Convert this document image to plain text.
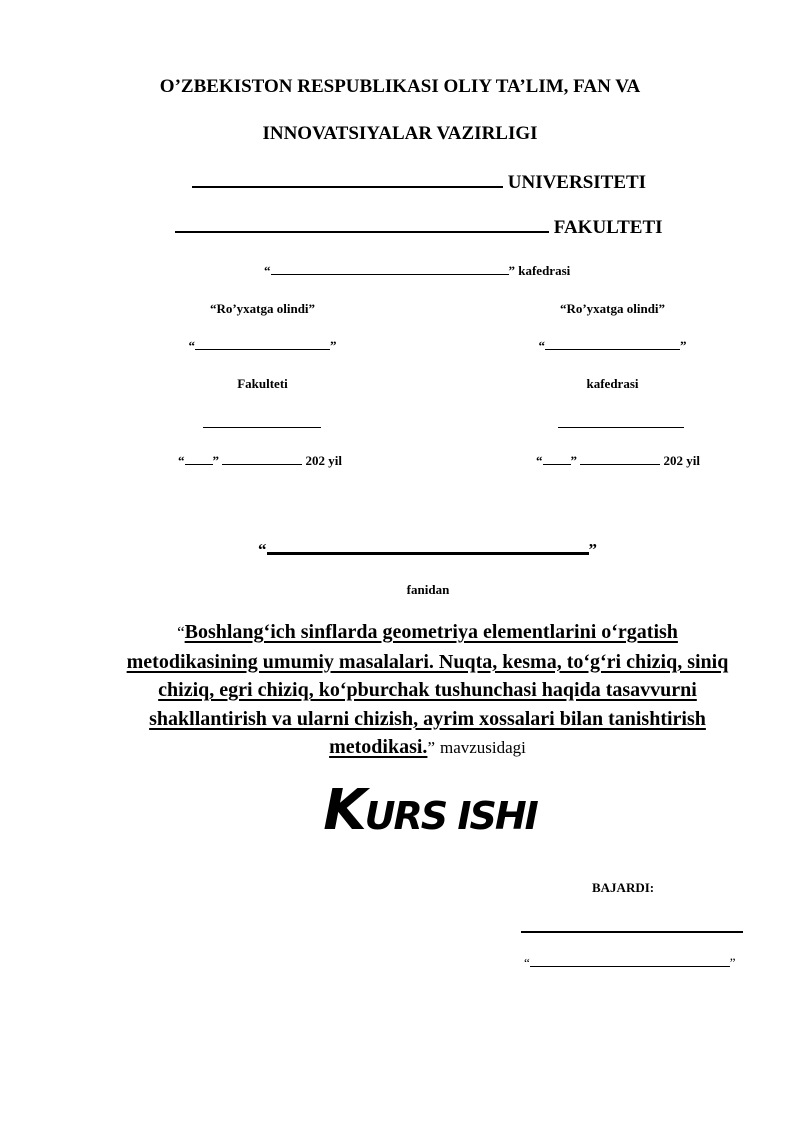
O’ZBEKISTON RESPUBLIKASI OLIY TA’LIM, FAN VA
INNOVATSIYALAR VAZIRLIGI
UNIVERSITETI
FAKULTETI
“	” kafedrasi
“Ro’yxatga olindi”
“	”
Fakulteti
“ ”	202 yil
“Ro’yxatga olindi”
“	”
kafedrasi
“ ”	202 yil
“	”
fanidan
“Boshlang‘ich sinflarda geometriya elementlarini o‘rgatish metodikasining umumiy masalalari. Nuqta, kesma, to‘g‘ri chiziq, siniq chiziq, egri chiziq, ko‘pburchak tushunchasi haqida tasavvurni shakllantirish va ularni chizish, ayrim xossalari bilan tanishtirish metodikasi.” mavzusidagi
KURS ISHI
BAJARDI:
“	”
